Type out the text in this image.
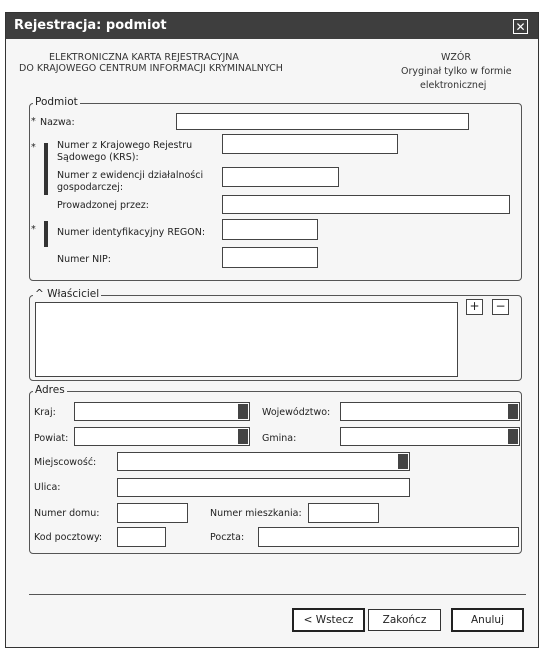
Rejestracja: podmiot	✕
ELEKTRONICZNA KARTA REJESTRACYJNA
DO KRAJOWEGO CENTRUM INFORMACJI KRYMINALNYCH
WZÓR
Oryginał tylko w formie
elektronicznej
Podmiot
* Nazwa:
* Numer z Krajowego Rejestru
Sądowego (KRS):
Numer z ewidencji działalności
gospodarczej:
Prowadzonej przez:
* Numer identyfikacyjny REGON:
Numer NIP:
^ Właściciel
+ −
Adres
Kraj:	Województwo:
Powiat:	Gmina:
Miejscowość:
Ulica:
Numer domu:	Numer mieszkania:
Kod pocztowy:	Poczta:
< Wstecz	Zakończ	Anuluj
